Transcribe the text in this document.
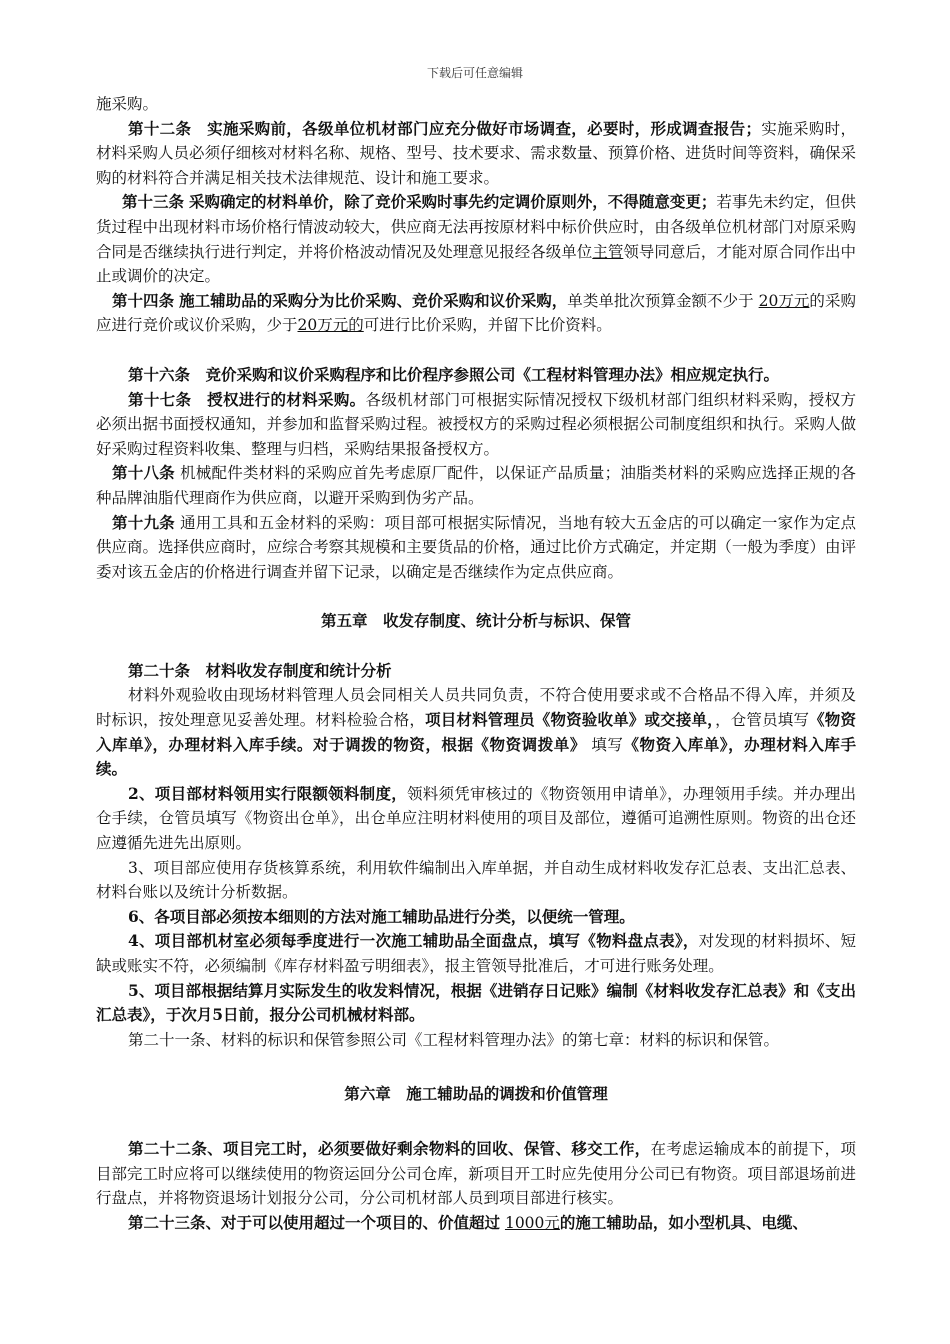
下载后可任意编辑

施采购。

第十二条　 实施采购前，各级单位机材部门应充分做好市场调查，必要时，形成调查报告；实施采购时，材料采购人员必须仔细核对材料名称、规格、型号、技术要求、需求数量、预算价格、进货时间等资料，确保采购的材料符合并满足相关技术法律规范、设计和施工要求。

第十三条 采购确定的材料单价，除了竞价采购时事先约定调价原则外，不得随意变更；若事先未约定，但供货过程中出现材料市场价格行情波动较大，供应商无法再按原材料中标价供应时，由各级单位机材部门对原采购合同是否继续执行进行判定，并将价格波动情况及处理意见报经各级单位主管领导同意后，才能对原合同作出中止或调价的决定。

第十四条 施工辅助品的采购分为比价采购、竞价采购和议价采购，单类单批次预算金额不少于 20万元的采购应进行竞价或议价采购，少于20万元的可进行比价采购，并留下比价资料。

第十六条　 竞价采购和议价采购程序和比价程序参照公司《工程材料管理办法》相应规定执行。

第十七条　 授权进行的材料采购。各级机材部门可根据实际情况授权下级机材部门组织材料采购，授权方必须出据书面授权通知，并参加和监督采购过程。被授权方的采购过程必须根据公司制度组织和执行。采购人做好采购过程资料收集、整理与归档，采购结果报备授权方。

第十八条 机械配件类材料的采购应首先考虑原厂配件，以保证产品质量；油脂类材料的采购应选择正规的各种品牌油脂代理商作为供应商，以避开采购到伪劣产品。

第十九条 通用工具和五金材料的采购：项目部可根据实际情况，当地有较大五金店的可以确定一家作为定点供应商。选择供应商时，应综合考察其规模和主要货品的价格，通过比价方式确定，并定期（一般为季度）由评委对该五金店的价格进行调查并留下记录，以确定是否继续作为定点供应商。

第五章　收发存制度、统计分析与标识、保管

第二十条　材料收发存制度和统计分析

材料外观验收由现场材料管理人员会同相关人员共同负责，不符合使用要求或不合格品不得入库，并须及时标识，按处理意见妥善处理。材料检验合格，项目材料管理员《物资验收单》或交接单，，仓管员填写《物资入库单》，办理材料入库手续。对于调拨的物资，根据《物资调拨单》 填写《物资入库单》，办理材料入库手续。

2、项目部材料领用实行限额领料制度，领料须凭审核过的《物资领用申请单》，办理领用手续。并办理出仓手续，仓管员填写《物资出仓单》，出仓单应注明材料使用的项目及部位，遵循可追溯性原则。物资的出仓还应遵循先进先出原则。

3、项目部应使用存货核算系统，利用软件编制出入库单据，并自动生成材料收发存汇总表、支出汇总表、材料台账以及统计分析数据。

6、各项目部必须按本细则的方法对施工辅助品进行分类，以便统一管理。

4、项目部机材室必须每季度进行一次施工辅助品全面盘点，填写《物料盘点表》，对发现的材料损坏、短缺或账实不符，必须编制《库存材料盈亏明细表》，报主管领导批准后，才可进行账务处理。

5、项目部根据结算月实际发生的收发料情况，根据《进销存日记账》编制《材料收发存汇总表》和《支出汇总表》，于次月5日前，报分公司机械材料部。

第二十一条、材料的标识和保管参照公司《工程材料管理办法》的第七章：材料的标识和保管。

第六章　施工辅助品的调拨和价值管理

第二十二条、项目完工时，必须要做好剩余物料的回收、保管、移交工作，在考虑运输成本的前提下，项目部完工时应将可以继续使用的物资运回分公司仓库，新项目开工时应先使用分公司已有物资。项目部退场前进行盘点，并将物资退场计划报分公司，分公司机材部人员到项目部进行核实。

第二十三条、对于可以使用超过一个项目的、价值超过 1000元的施工辅助品，如小型机具、电缆、
